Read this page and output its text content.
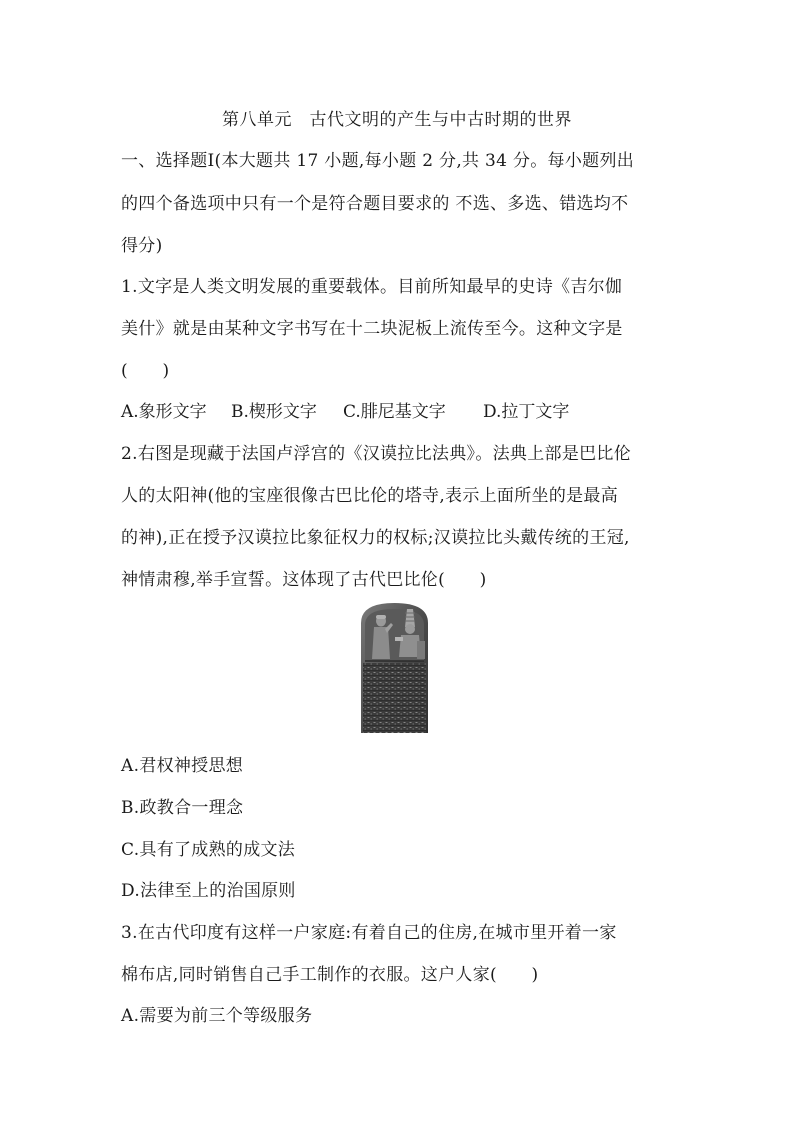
第八单元　古代文明的产生与中古时期的世界
一、选择题Ⅰ(本大题共 17 小题,每小题 2 分,共 34 分。每小题列出
的四个备选项中只有一个是符合题目要求的 不选、多选、错选均不
得分)
1.文字是人类文明发展的重要载体。目前所知最早的史诗《吉尔伽
美什》就是由某种文字书写在十二块泥板上流传至今。这种文字是
(　　)
A.象形文字 B.楔形文字 C.腓尼基文字 D.拉丁文字
2.右图是现藏于法国卢浮宫的《汉谟拉比法典》。法典上部是巴比伦
人的太阳神(他的宝座很像古巴比伦的塔寺,表示上面所坐的是最高
的神),正在授予汉谟拉比象征权力的权标;汉谟拉比头戴传统的王冠,
神情肃穆,举手宣誓。这体现了古代巴比伦(　　)
A.君权神授思想
B.政教合一理念
C.具有了成熟的成文法
D.法律至上的治国原则
3.在古代印度有这样一户家庭:有着自己的住房,在城市里开着一家
棉布店,同时销售自己手工制作的衣服。这户人家(　　)
A.需要为前三个等级服务
